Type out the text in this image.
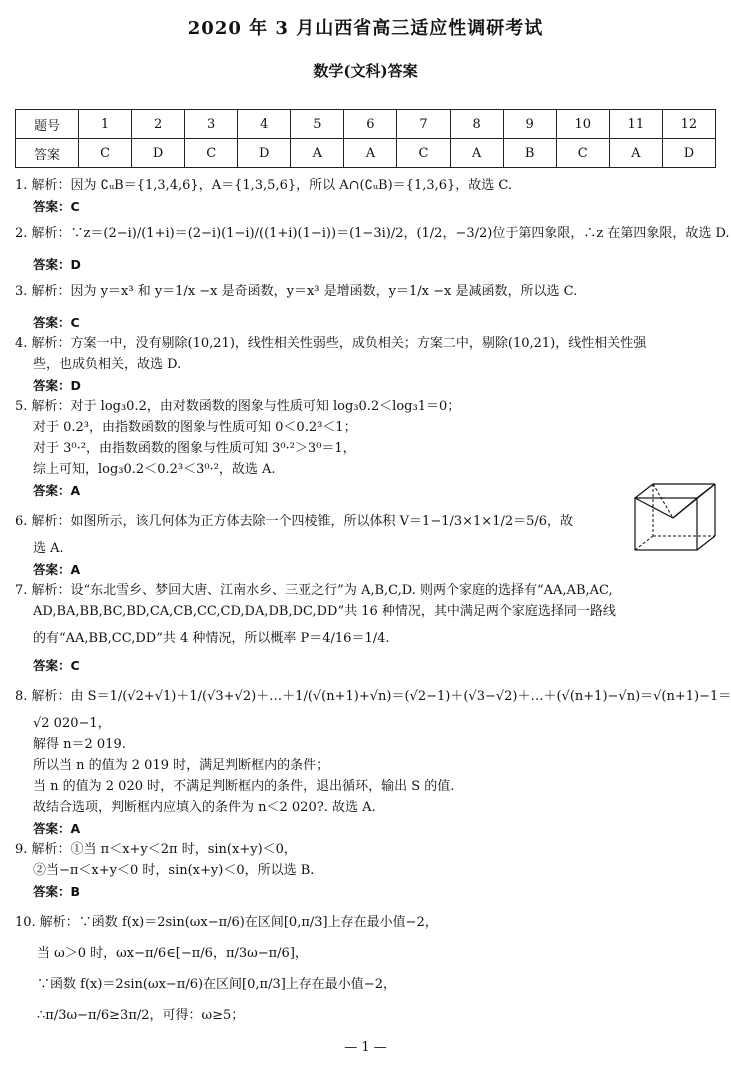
2020 年 3 月山西省高三适应性调研考试
数学(文科)答案
题号	1	2	3	4	5	6	7	8	9	10	11	12
答案	C	D	C	D	A	A	C	A	B	C	A	D
1. 解析：因为 ∁ᵤB＝{1,3,4,6}，A＝{1,3,5,6}，所以 A∩(∁ᵤB)＝{1,3,6}，故选 C.
答案：C
2. 解析：∵z＝(2−i)/(1+i)＝(2−i)(1−i)/((1+i)(1−i))＝(1−3i)/2，(1/2，−3/2)位于第四象限，∴z 在第四象限，故选 D.
答案：D
3. 解析：因为 y＝x³ 和 y＝1/x −x 是奇函数，y＝x³ 是增函数，y＝1/x −x 是减函数，所以选 C.
答案：C
4. 解析：方案一中，没有剔除(10,21)，线性相关性弱些，成负相关；方案二中，剔除(10,21)，线性相关性强
些，也成负相关，故选 D.
答案：D
5. 解析：对于 log₃0.2，由对数函数的图象与性质可知 log₃0.2＜log₃1＝0；
对于 0.2³，由指数函数的图象与性质可知 0＜0.2³＜1；
对于 3⁰·²，由指数函数的图象与性质可知 3⁰·²＞3⁰＝1，
综上可知，log₃0.2＜0.2³＜3⁰·²，故选 A.
答案：A
6. 解析：如图所示，该几何体为正方体去除一个四棱锥，所以体积 V＝1−1/3×1×1/2＝5/6，故
选 A.
答案：A
7. 解析：设“东北雪乡、梦回大唐、江南水乡、三亚之行”为 A,B,C,D. 则两个家庭的选择有“AA,AB,AC,
AD,BA,BB,BC,BD,CA,CB,CC,CD,DA,DB,DC,DD”共 16 种情况，其中满足两个家庭选择同一路线
的有“AA,BB,CC,DD”共 4 种情况，所以概率 P＝4/16＝1/4.
答案：C
8. 解析：由 S＝1/(√2+√1)＋1/(√3+√2)＋…＋1/(√(n+1)+√n)＝(√2−1)＋(√3−√2)＋…＋(√(n+1)−√n)＝√(n+1)−1＝
√2 020−1，
解得 n＝2 019.
所以当 n 的值为 2 019 时，满足判断框内的条件；
当 n 的值为 2 020 时，不满足判断框内的条件，退出循环，输出 S 的值.
故结合选项，判断框内应填入的条件为 n＜2 020?. 故选 A.
答案：A
9. 解析：①当 π＜x+y＜2π 时，sin(x+y)＜0，
②当−π＜x+y＜0 时，sin(x+y)＜0，所以选 B.
答案：B
10. 解析：∵函数 f(x)＝2sin(ωx−π/6)在区间[0,π/3]上存在最小值−2，
当 ω＞0 时，ωx−π/6∈[−π/6，π/3ω−π/6]，
∵函数 f(x)＝2sin(ωx−π/6)在区间[0,π/3]上存在最小值−2，
∴π/3ω−π/6≥3π/2，可得：ω≥5；
— 1 —
